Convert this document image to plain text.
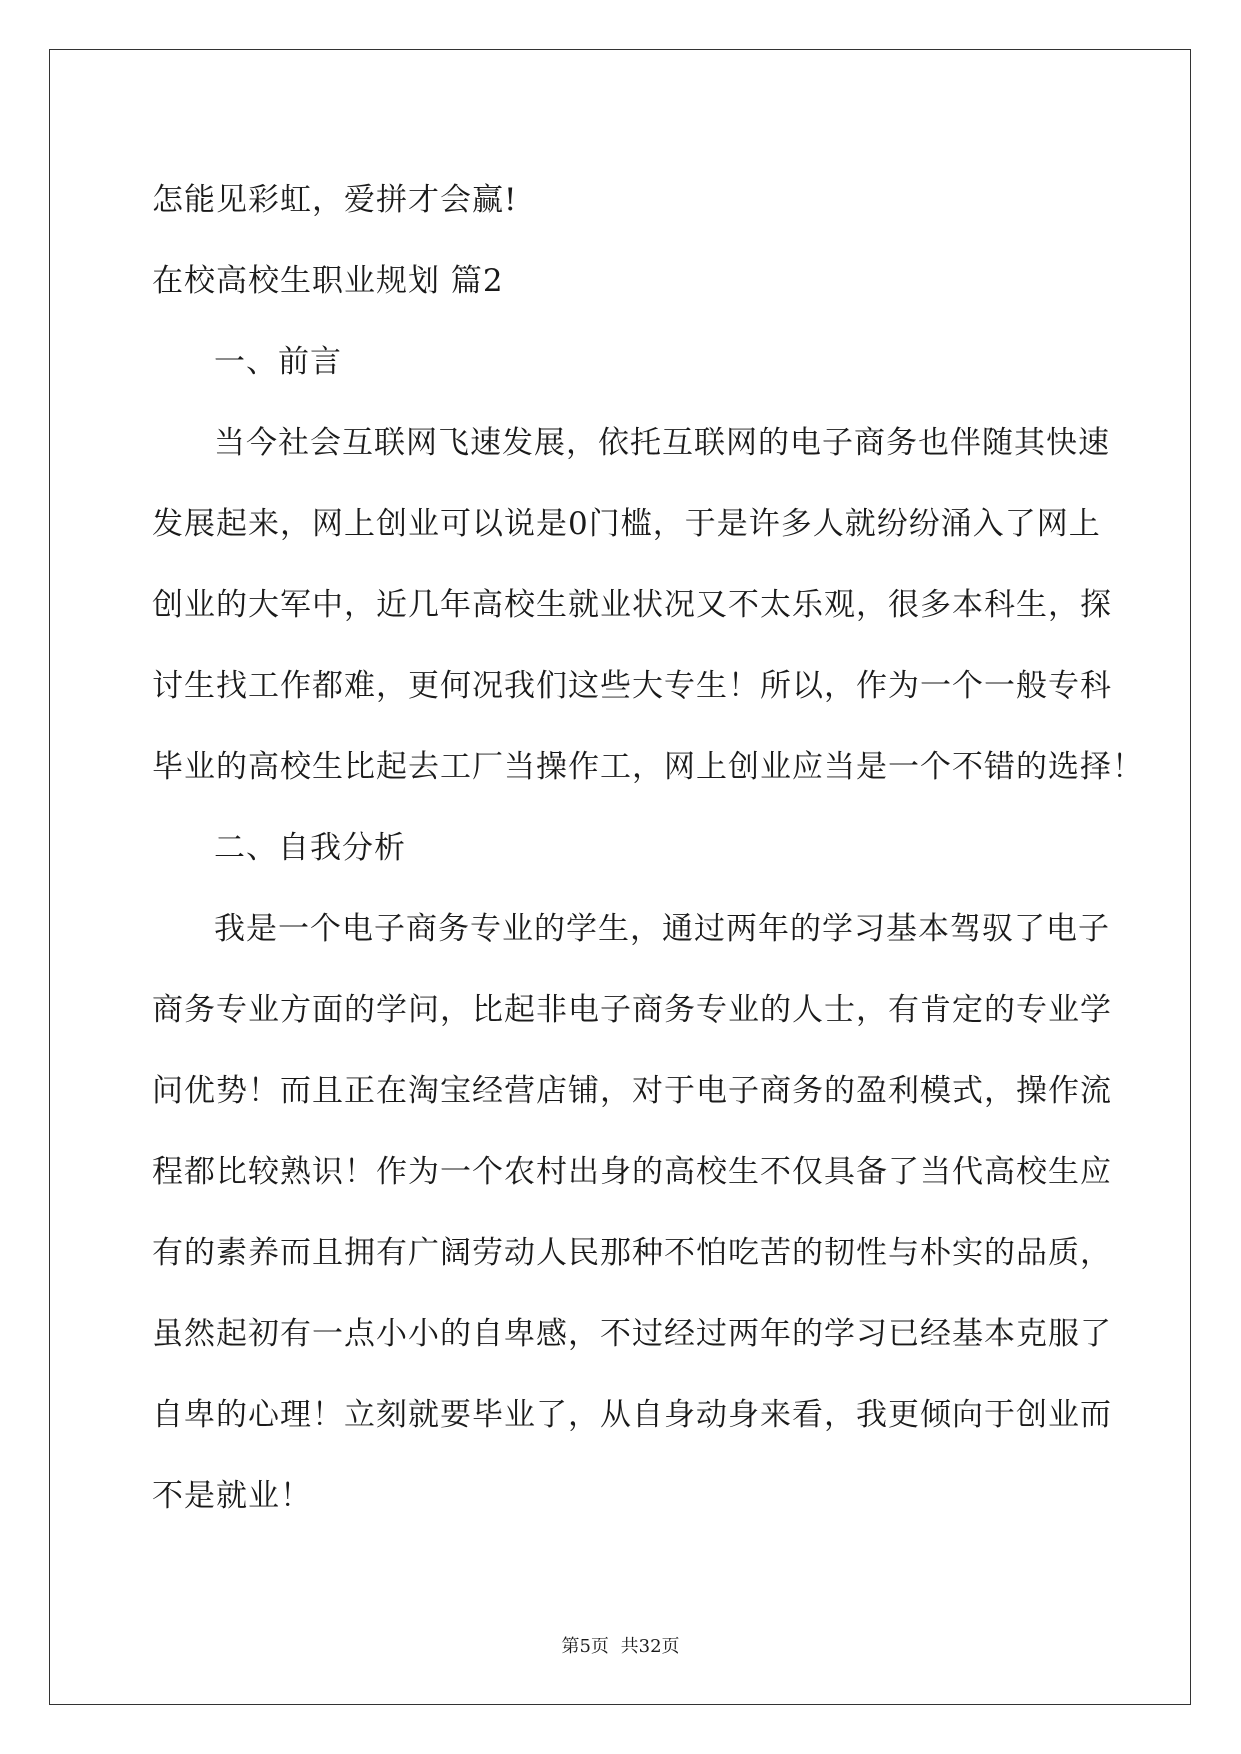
怎能见彩虹，爱拼才会赢!
在校高校生职业规划 篇2
一、前言
当今社会互联网飞速发展，依托互联网的电子商务也伴随其快速
发展起来，网上创业可以说是0门槛，于是许多人就纷纷涌入了网上
创业的大军中，近几年高校生就业状况又不太乐观，很多本科生，探
讨生找工作都难，更何况我们这些大专生！所以，作为一个一般专科
毕业的高校生比起去工厂当操作工，网上创业应当是一个不错的选择！
二、自我分析
我是一个电子商务专业的学生，通过两年的学习基本驾驭了电子
商务专业方面的学问，比起非电子商务专业的人士，有肯定的专业学
问优势！而且正在淘宝经营店铺，对于电子商务的盈利模式，操作流
程都比较熟识！作为一个农村出身的高校生不仅具备了当代高校生应
有的素养而且拥有广阔劳动人民那种不怕吃苦的韧性与朴实的品质，
虽然起初有一点小小的自卑感，不过经过两年的学习已经基本克服了
自卑的心理！立刻就要毕业了，从自身动身来看，我更倾向于创业而
不是就业！
第5页 共32页
